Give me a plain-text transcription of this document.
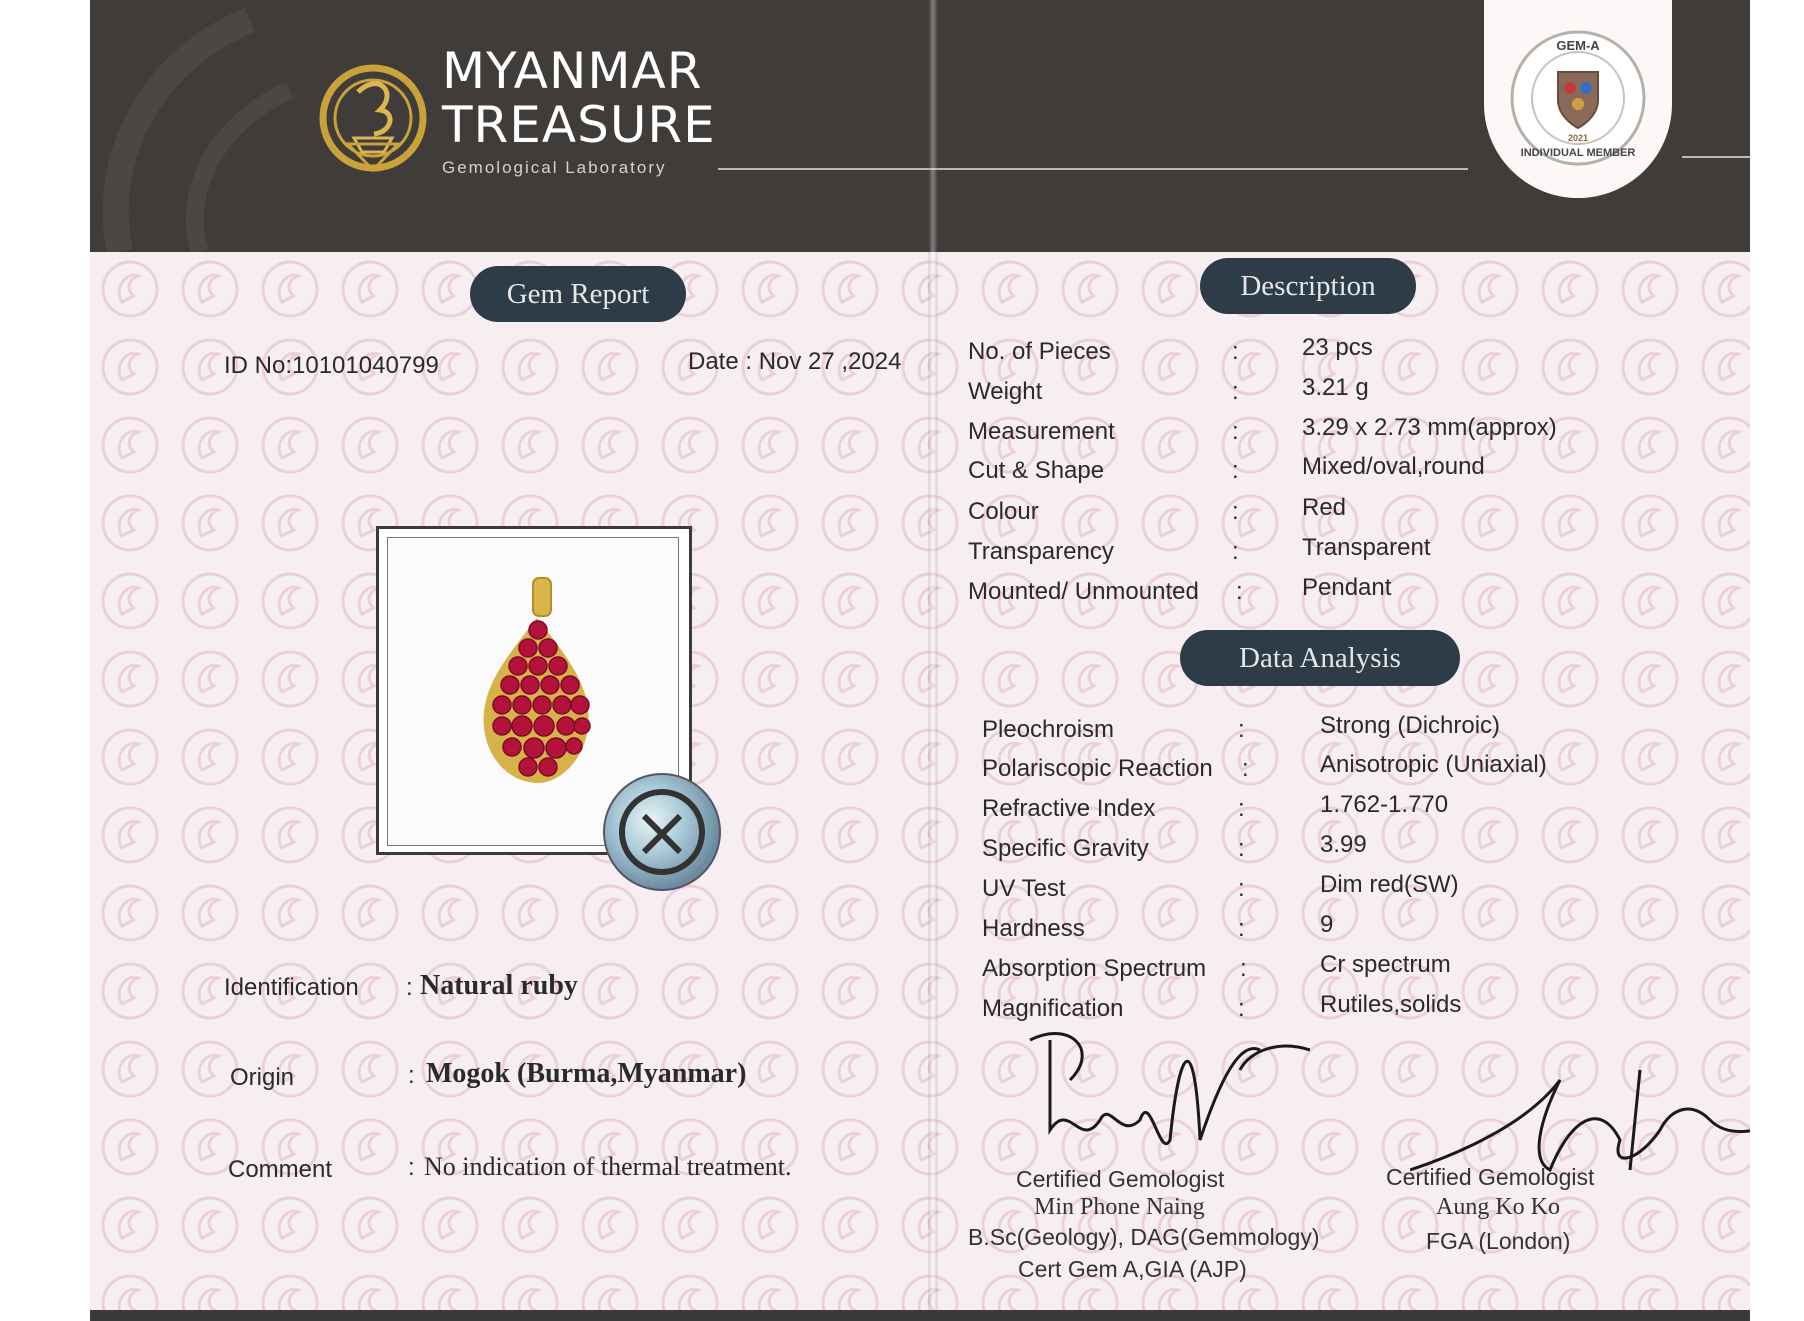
MYANMAR
TREASURE
Gemological Laboratory
GEM-A
INDIVIDUAL MEMBER
2021
Gem Report
ID No:10101040799	Date : Nov 27 ,2024
Identification : Natural ruby
Origin	: Mogok (Burma,Myanmar)
Comment	: No indication of thermal treatment.
Description
No. of Pieces	:	23 pcs
Weight	:	3.21 g
Measurement	:	3.29 x 2.73 mm(approx)
Cut & Shape	:	Mixed/oval,round
Colour	:	Red
Transparency	:	Transparent
Mounted/ Unmounted : Pendant
Data Analysis
Pleochroism	:	Strong (Dichroic)
Polariscopic Reaction :	Anisotropic (Uniaxial)
Refractive Index	:	1.762-1.770
Specific Gravity	:	3.99
UV Test	:	Dim red(SW)
Hardness	:	9
Absorption Spectrum :	Cr spectrum
Magnification	:	Rutiles,solids
Certified Gemologist
Min Phone Naing
B.Sc(Geology), DAG(Gemmology)
Cert Gem A,GIA (AJP)
Certified Gemologist
Aung Ko Ko
FGA (London)
